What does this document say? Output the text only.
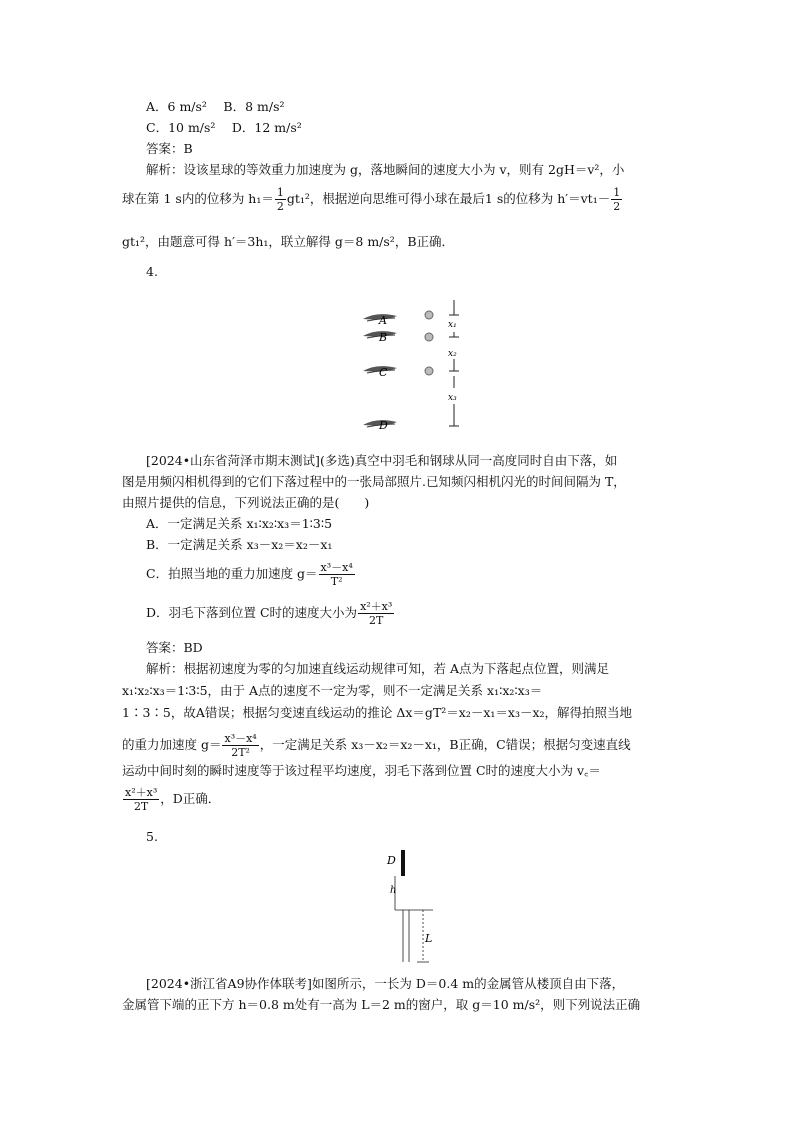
A．6 m/s²　 B．8 m/s²
C．10 m/s²　 D．12 m/s²
答案：B
解析：设该星球的等效重力加速度为 g，落地瞬间的速度大小为 v，则有 2gH＝v²，小
球在第 1 s内的位移为 $h_1= \frac{1}{2} gt_1^2$，根据逆向思维可得小球在最后1 s的位移为 $h'=vt_1- \frac{1}{2}$
gt₁²，由题意可得 h′＝3h₁，联立解得 g＝8 m/s²，B正确．
4.
A
B
C
D
x₁
x₂
x₃
[2024•山东省菏泽市期末测试](多选)真空中羽毛和钢球从同一高度同时自由下落，如
图是用频闪相机得到的它们下落过程中的一张局部照片.已知频闪相机闪光的时间间隔为 T，
由照片提供的信息，下列说法正确的是(　　)
A．一定满足关系 x₁∶x₂∶x₃＝1∶3∶5
B．一定满足关系 x₃－x₂＝x₂－x₁
C．拍照当地的重力加速度 $g= \frac{\text{x³－x⁴}}{\text{T²}}$
D．羽毛下落到位置 C时的速度大小为 $\frac{\text{x²＋x³}}{2T}$
答案：BD
解析：根据初速度为零的匀加速直线运动规律可知，若 A点为下落起点位置，则满足
x₁∶x₂∶x₃＝1∶3∶5，由于 A点的速度不一定为零，则不一定满足关系 x₁∶x₂∶x₃＝
1∶3∶5，故A错误；根据匀变速直线运动的推论 Δx＝gT²＝x₂－x₁＝x₃－x₂，解得拍照当地
的重力加速度 $g= \frac{\text{x³－x⁴}}{\text{2T²}}$ ，一定满足关系 x₃－x₂＝x₂－x₁，B正确，C错误；根据匀变速直线
运动中间时刻的瞬时速度等于该过程平均速度，羽毛下落到位置 C时的速度大小为 v꜀＝
$\frac{\text{x²＋x³}}{2T}$ ，D正确．
5.
D
h
L
[2024•浙江省A9协作体联考]如图所示，一长为 D＝0.4 m的金属管从楼顶自由下落，
金属管下端的正下方 h＝0.8 m处有一高为 L＝2 m的窗户，取 g＝10 m/s²，则下列说法正确
